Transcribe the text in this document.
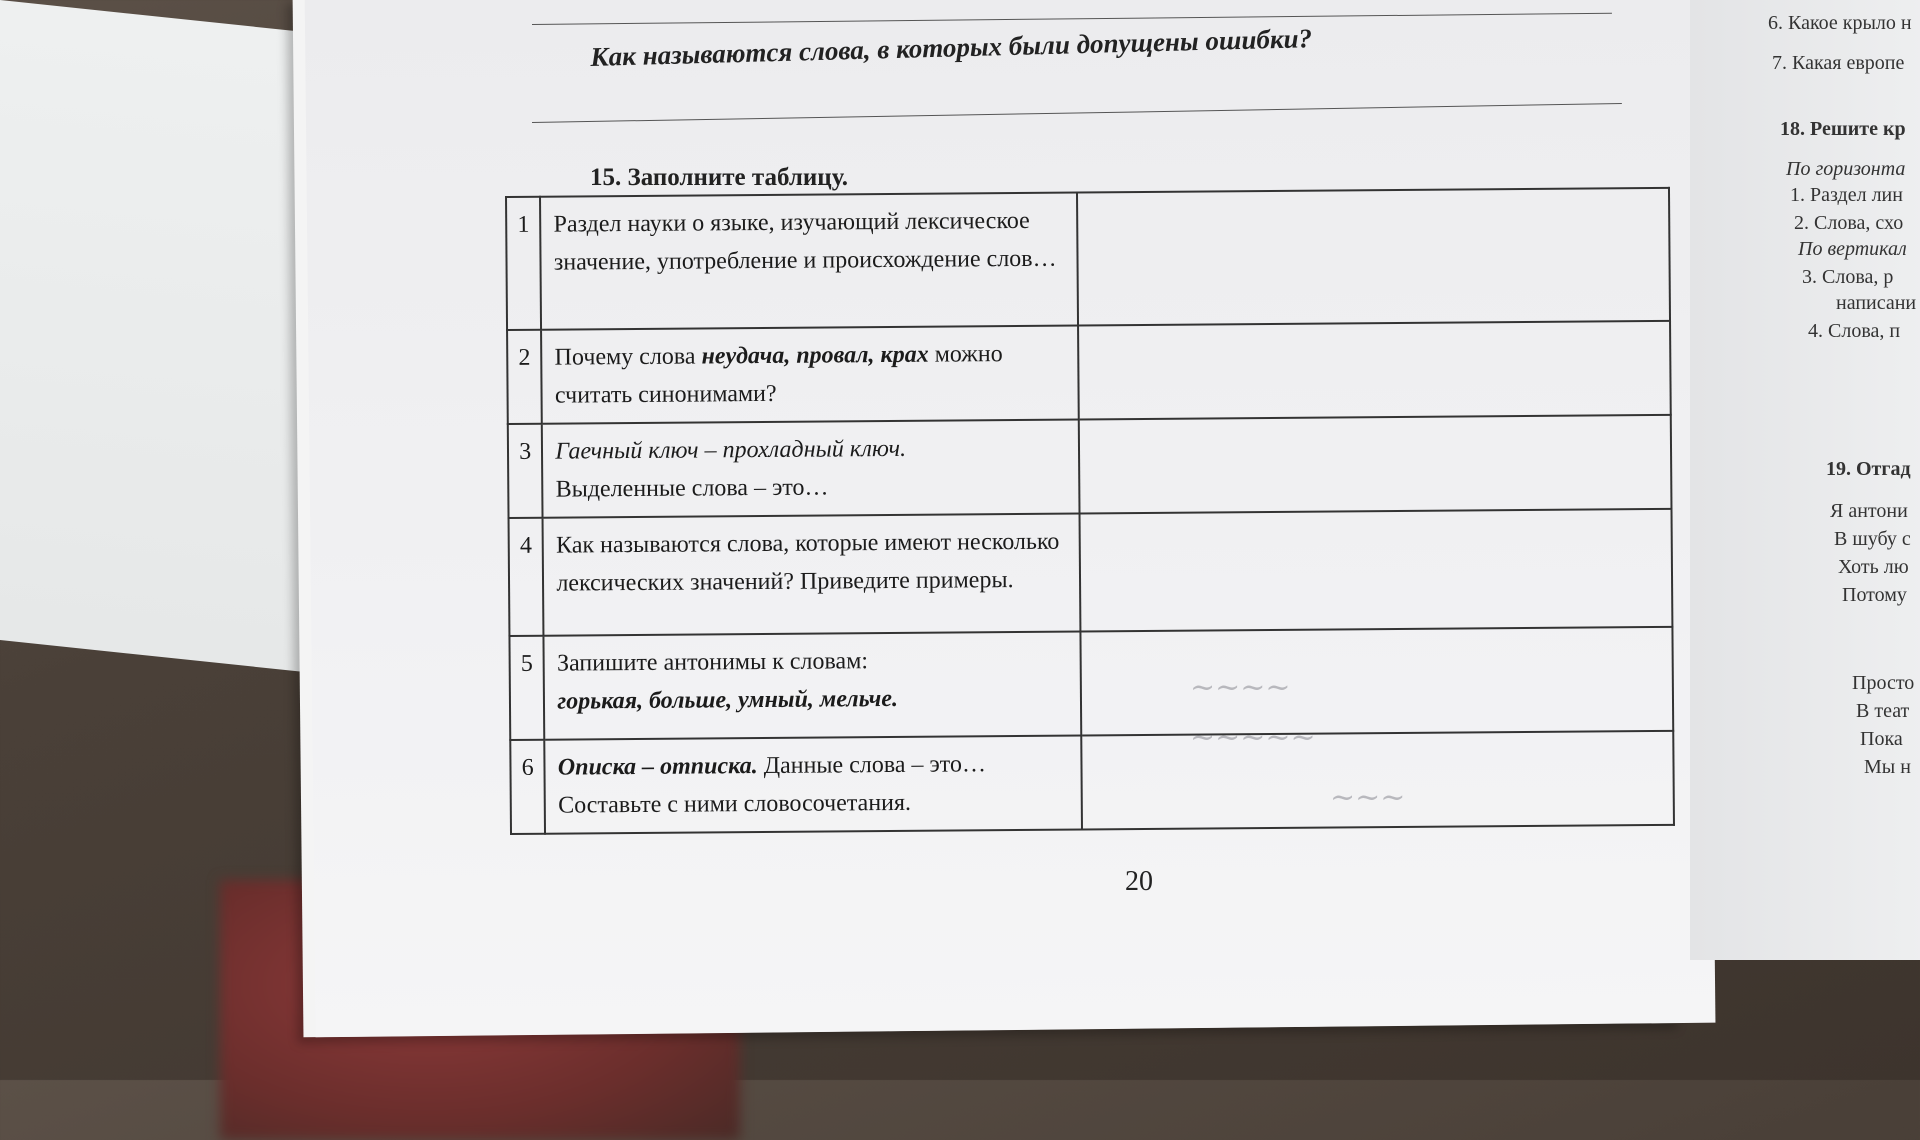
6. Какое крыло н
7. Какая европе
18. Решите кр
По горизонта
1. Раздел лин
2. Слова, схо
По вертикал
3. Слова, р
написани
4. Слова, п
19. Отгад
Я антони
В шубу с
Хоть лю
Потому
Просто
В теат
Пока
Мы н
Как называются слова, в которых были допущены ошибки?
15. Заполните таблицу.
1	Раздел науки о языке, изучающий лексическое значение, употребление и происхождение слов…	
2	Почему слова неудача, провал, крах можно считать синонимами?	
3	Гаечный ключ – прохладный ключ.
Выделенные слова – это…	
4	Как называются слова, которые имеют несколько лексических значений? Приведите примеры.	
5	Запишите антонимы к словам:
горькая, больше, умный, мельче.	
6	Описка – отписка. Данные слова – это… Составьте с ними словосочетания.	
~~~~
~~~~~
~~~
20
